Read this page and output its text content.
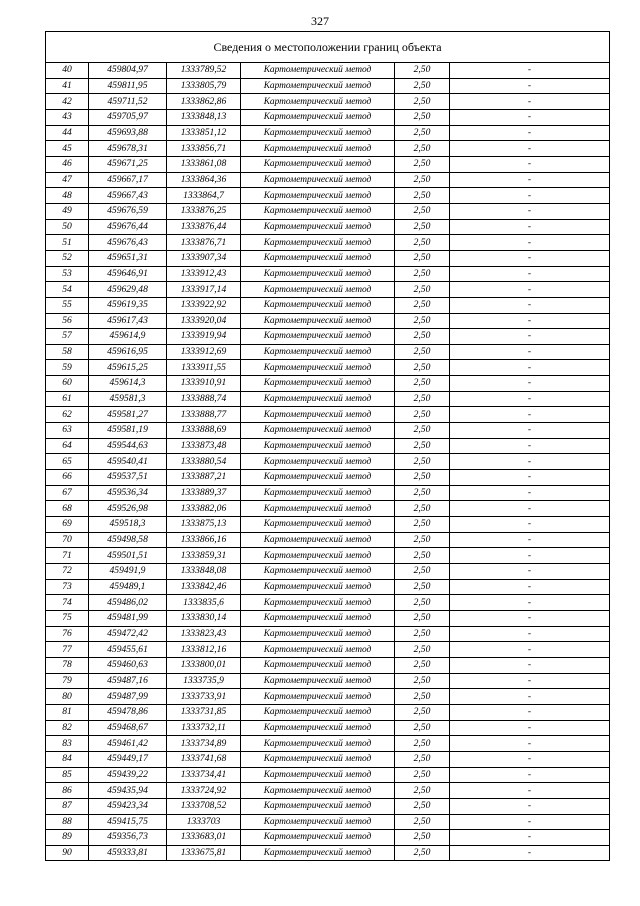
327
Сведения о местоположении границ объекта					
40	459804,97	1333789,52	Картометрический метод	2,50	-
41	459811,95	1333805,79	Картометрический метод	2,50	-
42	459711,52	1333862,86	Картометрический метод	2,50	-
43	459705,97	1333848,13	Картометрический метод	2,50	-
44	459693,88	1333851,12	Картометрический метод	2,50	-
45	459678,31	1333856,71	Картометрический метод	2,50	-
46	459671,25	1333861,08	Картометрический метод	2,50	-
47	459667,17	1333864,36	Картометрический метод	2,50	-
48	459667,43	1333864,7	Картометрический метод	2,50	-
49	459676,59	1333876,25	Картометрический метод	2,50	-
50	459676,44	1333876,44	Картометрический метод	2,50	-
51	459676,43	1333876,71	Картометрический метод	2,50	-
52	459651,31	1333907,34	Картометрический метод	2,50	-
53	459646,91	1333912,43	Картометрический метод	2,50	-
54	459629,48	1333917,14	Картометрический метод	2,50	-
55	459619,35	1333922,92	Картометрический метод	2,50	-
56	459617,43	1333920,04	Картометрический метод	2,50	-
57	459614,9	1333919,94	Картометрический метод	2,50	-
58	459616,95	1333912,69	Картометрический метод	2,50	-
59	459615,25	1333911,55	Картометрический метод	2,50	-
60	459614,3	1333910,91	Картометрический метод	2,50	-
61	459581,3	1333888,74	Картометрический метод	2,50	-
62	459581,27	1333888,77	Картометрический метод	2,50	-
63	459581,19	1333888,69	Картометрический метод	2,50	-
64	459544,63	1333873,48	Картометрический метод	2,50	-
65	459540,41	1333880,54	Картометрический метод	2,50	-
66	459537,51	1333887,21	Картометрический метод	2,50	-
67	459536,34	1333889,37	Картометрический метод	2,50	-
68	459526,98	1333882,06	Картометрический метод	2,50	-
69	459518,3	1333875,13	Картометрический метод	2,50	-
70	459498,58	1333866,16	Картометрический метод	2,50	-
71	459501,51	1333859,31	Картометрический метод	2,50	-
72	459491,9	1333848,08	Картометрический метод	2,50	-
73	459489,1	1333842,46	Картометрический метод	2,50	-
74	459486,02	1333835,6	Картометрический метод	2,50	-
75	459481,99	1333830,14	Картометрический метод	2,50	-
76	459472,42	1333823,43	Картометрический метод	2,50	-
77	459455,61	1333812,16	Картометрический метод	2,50	-
78	459460,63	1333800,01	Картометрический метод	2,50	-
79	459487,16	1333735,9	Картометрический метод	2,50	-
80	459487,99	1333733,91	Картометрический метод	2,50	-
81	459478,86	1333731,85	Картометрический метод	2,50	-
82	459468,67	1333732,11	Картометрический метод	2,50	-
83	459461,42	1333734,89	Картометрический метод	2,50	-
84	459449,17	1333741,68	Картометрический метод	2,50	-
85	459439,22	1333734,41	Картометрический метод	2,50	-
86	459435,94	1333724,92	Картометрический метод	2,50	-
87	459423,34	1333708,52	Картометрический метод	2,50	-
88	459415,75	1333703	Картометрический метод	2,50	-
89	459356,73	1333683,01	Картометрический метод	2,50	-
90	459333,81	1333675,81	Картометрический метод	2,50	-
